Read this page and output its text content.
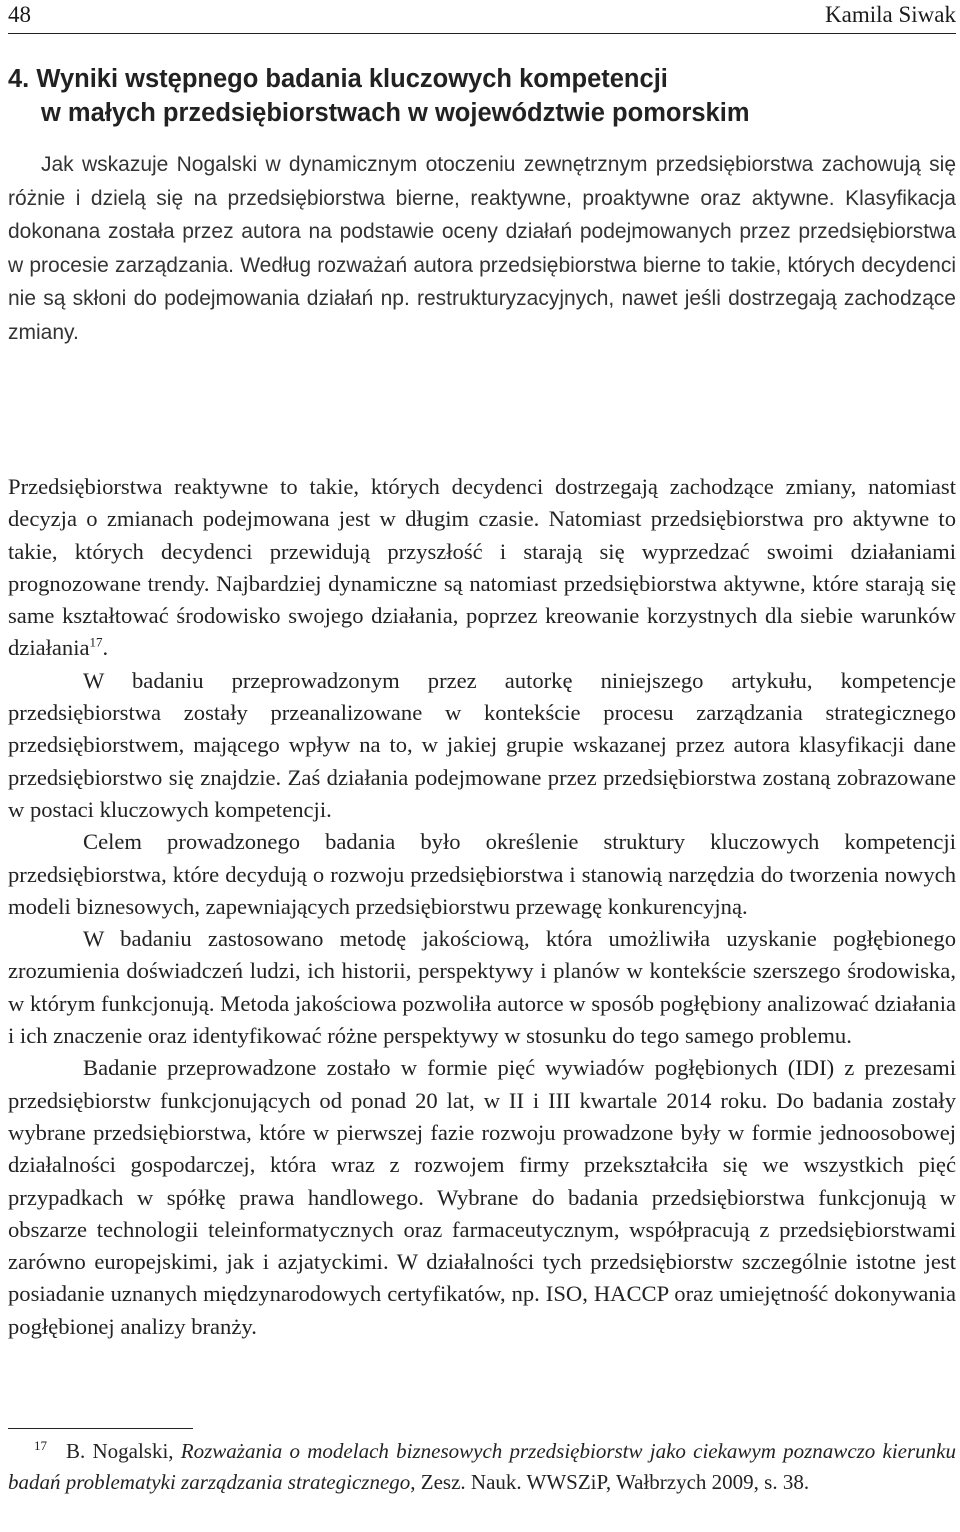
48	Kamila Siwak
4. Wyniki wstępnego badania kluczowych kompetencji
w małych przedsiębiorstwach w województwie pomorskim

Jak wskazuje Nogalski w dynamicznym otoczeniu zewnętrznym przedsiębiorstwa zachowują się różnie i dzielą się na przedsiębiorstwa bierne, reaktywne, proaktywne oraz aktywne. Klasyfikacja dokonana została przez autora na podstawie oceny działań podejmowanych przez przedsiębiorstwa w procesie zarządzania. Według rozważań autora przedsiębiorstwa bierne to takie, których decydenci nie są skłoni do podejmowania działań np. restrukturyzacyjnych, nawet jeśli dostrzegają zachodzące zmiany.

Przedsiębiorstwa reaktywne to takie, których decydenci dostrzegają zachodzące zmiany, natomiast decyzja o zmianach podejmowana jest w długim czasie. Natomiast przedsiębiorstwa pro aktywne to takie, których decydenci przewidują przyszłość i starają się wyprzedzać swoimi działaniami prognozowane trendy. Najbardziej dynamiczne są natomiast przedsiębiorstwa aktywne, które starają się same kształtować środowisko swojego działania, poprzez kreowanie korzystnych dla siebie warunków działania$^{17}$.

W badaniu przeprowadzonym przez autorkę niniejszego artykułu, kompetencje przedsiębiorstwa zostały przeanalizowane w kontekście procesu zarządzania strategicznego przedsiębiorstwem, mającego wpływ na to, w jakiej grupie wskazanej przez autora klasyfikacji dane przedsiębiorstwo się znajdzie. Zaś działania podejmowane przez przedsiębiorstwa zostaną zobrazowane w postaci kluczowych kompetencji.

Celem prowadzonego badania było określenie struktury kluczowych kompetencji przedsiębiorstwa, które decydują o rozwoju przedsiębiorstwa i stanowią narzędzia do tworzenia nowych modeli biznesowych, zapewniających przedsiębiorstwu przewagę konkurencyjną.

W badaniu zastosowano metodę jakościową, która umożliwiła uzyskanie pogłębionego zrozumienia doświadczeń ludzi, ich historii, perspektywy i planów w kontekście szerszego środowiska, w którym funkcjonują. Metoda jakościowa pozwoliła autorce w sposób pogłębiony analizować działania i ich znaczenie oraz identyfikować różne perspektywy w stosunku do tego samego problemu.

Badanie przeprowadzone zostało w formie pięć wywiadów pogłębionych (IDI) z prezesami przedsiębiorstw funkcjonujących od ponad 20 lat, w II i III kwartale 2014 roku. Do badania zostały wybrane przedsiębiorstwa, które w pierwszej fazie rozwoju prowadzone były w formie jednoosobowej działalności gospodarczej, która wraz z rozwojem firmy przekształciła się we wszystkich pięć przypadkach w spółkę prawa handlowego. Wybrane do badania przedsiębiorstwa funkcjonują w obszarze technologii teleinformatycznych oraz farmaceutycznym, współpracują z przedsiębiorstwami zarówno europejskimi, jak i azjatyckimi. W działalności tych przedsiębiorstw szczególnie istotne jest posiadanie uznanych międzynarodowych certyfikatów, np. ISO, HACCP oraz umiejętność dokonywania pogłębionej analizy branży.

17 B. Nogalski, Rozważania o modelach biznesowych przedsiębiorstw jako ciekawym poznawczo kierunku badań problematyki zarządzania strategicznego, Zesz. Nauk. WWSZiP, Wałbrzych 2009, s. 38.
